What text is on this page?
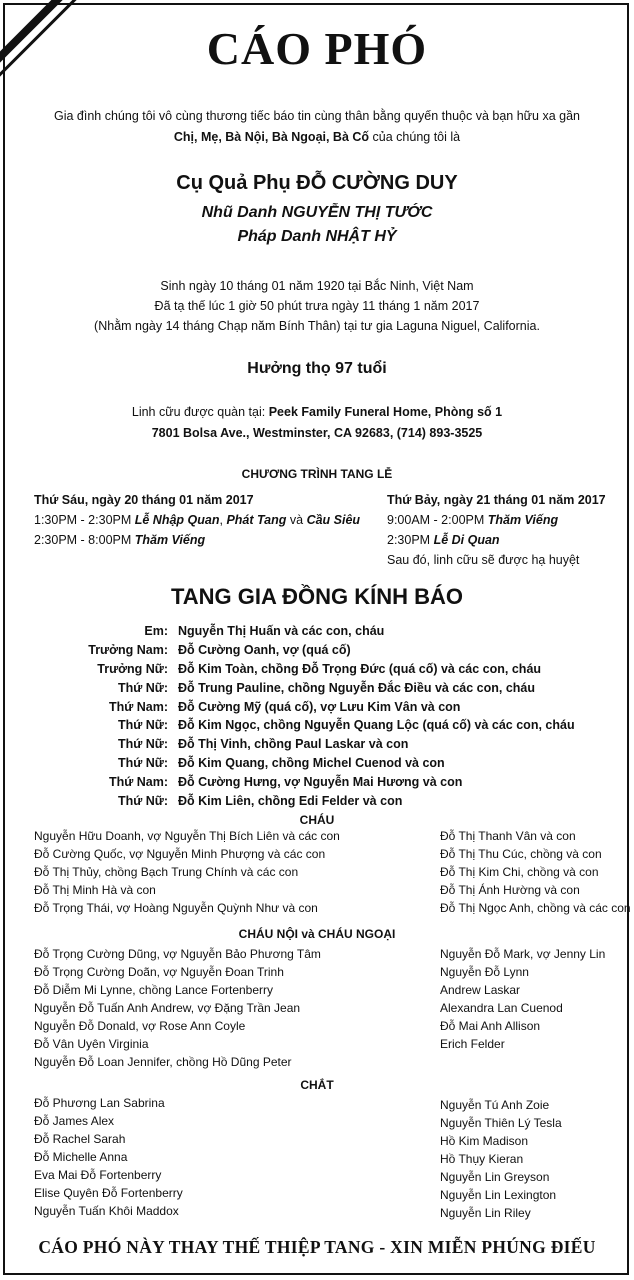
CÁO PHÓ
Gia đình chúng tôi vô cùng thương tiếc báo tin cùng thân bằng quyến thuộc và bạn hữu xa gần
Chị, Mẹ, Bà Nội, Bà Ngoại, Bà Cố của chúng tôi là
Cụ Quả Phụ ĐỖ CƯỜNG DUY
Nhũ Danh NGUYỄN THỊ TƯỚC
Pháp Danh NHẬT HỶ
Sinh ngày 10 tháng 01 năm 1920 tại Bắc Ninh, Việt Nam
Đã tạ thế lúc 1 giờ 50 phút trưa ngày 11 tháng 1 năm 2017
(Nhằm ngày 14 tháng Chạp năm Bính Thân) tại tư gia Laguna Niguel, California.
Hưởng thọ 97 tuổi
Linh cữu được quàn tại: Peek Family Funeral Home, Phòng số 1
7801 Bolsa Ave., Westminster, CA 92683, (714) 893-3525
CHƯƠNG TRÌNH TANG LỄ
Thứ Sáu, ngày 20 tháng 01 năm 2017
1:30PM - 2:30PM Lễ Nhập Quan, Phát Tang và Cầu Siêu
2:30PM - 8:00PM Thăm Viếng
Thứ Bảy, ngày 21 tháng 01 năm 2017
9:00AM - 2:00PM Thăm Viếng
2:30PM Lễ Di Quan
Sau đó, linh cữu sẽ được hạ huyệt
TANG GIA ĐỒNG KÍNH BÁO
Em: Nguyễn Thị Huấn và các con, cháu
Trưởng Nam: Đỗ Cường Oanh, vợ (quá cố)
Trưởng Nữ: Đỗ Kim Toàn, chồng Đỗ Trọng Đức (quá cố) và các con, cháu
Thứ Nữ: Đỗ Trung Pauline, chồng Nguyễn Đắc Điều và các con, cháu
Thứ Nam: Đỗ Cường Mỹ (quá cố), vợ Lưu Kim Vân và con
Thứ Nữ: Đỗ Kim Ngọc, chồng Nguyễn Quang Lộc (quá cố) và các con, cháu
Thứ Nữ: Đỗ Thị Vinh, chồng Paul Laskar và con
Thứ Nữ: Đỗ Kim Quang, chồng Michel Cuenod và con
Thứ Nam: Đỗ Cường Hưng, vợ Nguyễn Mai Hương và con
Thứ Nữ: Đỗ Kim Liên, chồng Edi Felder và con
CHÁU
Nguyễn Hữu Doanh, vợ Nguyễn Thị Bích Liên và các con
Đỗ Cường Quốc, vợ Nguyễn Minh Phượng và các con
Đỗ Thị Thủy, chồng Bạch Trung Chính và các con
Đỗ Thị Minh Hà và con
Đỗ Trọng Thái, vợ Hoàng Nguyễn Quỳnh Như và con
Đỗ Thị Thanh Vân và con
Đỗ Thị Thu Cúc, chồng và con
Đỗ Thị Kim Chi, chồng và con
Đỗ Thị Ánh Hường và con
Đỗ Thị Ngọc Anh, chồng và các con
CHÁU NỘI và CHÁU NGOẠI
Đỗ Trọng Cường Dũng, vợ Nguyễn Bảo Phương Tâm
Đỗ Trọng Cường Doãn, vợ Nguyễn Đoan Trinh
Đỗ Diễm Mi Lynne, chồng Lance Fortenberry
Nguyễn Đỗ Tuấn Anh Andrew, vợ Đặng Trần Jean
Nguyễn Đỗ Donald, vợ Rose Ann Coyle
Đỗ Vân Uyên Virginia
Nguyễn Đỗ Loan Jennifer, chồng Hồ Dũng Peter
Nguyễn Đỗ Mark, vợ Jenny Lin
Nguyễn Đỗ Lynn
Andrew Laskar
Alexandra Lan Cuenod
Đỗ Mai Anh Allison
Erich Felder
CHẮT
Đỗ Phương Lan Sabrina
Đỗ James Alex
Đỗ Rachel Sarah
Đỗ Michelle Anna
Eva Mai Đỗ Fortenberry
Elise Quyên Đỗ Fortenberry
Nguyễn Tuấn Khôi Maddox
Nguyễn Tú Anh Zoie
Nguyễn Thiên Lý Tesla
Hồ Kim Madison
Hồ Thụy Kieran
Nguyễn Lin Greyson
Nguyễn Lin Lexington
Nguyễn Lin Riley
CÁO PHÓ NÀY THAY THẾ THIỆP TANG - XIN MIỄN PHÚNG ĐIẾU
